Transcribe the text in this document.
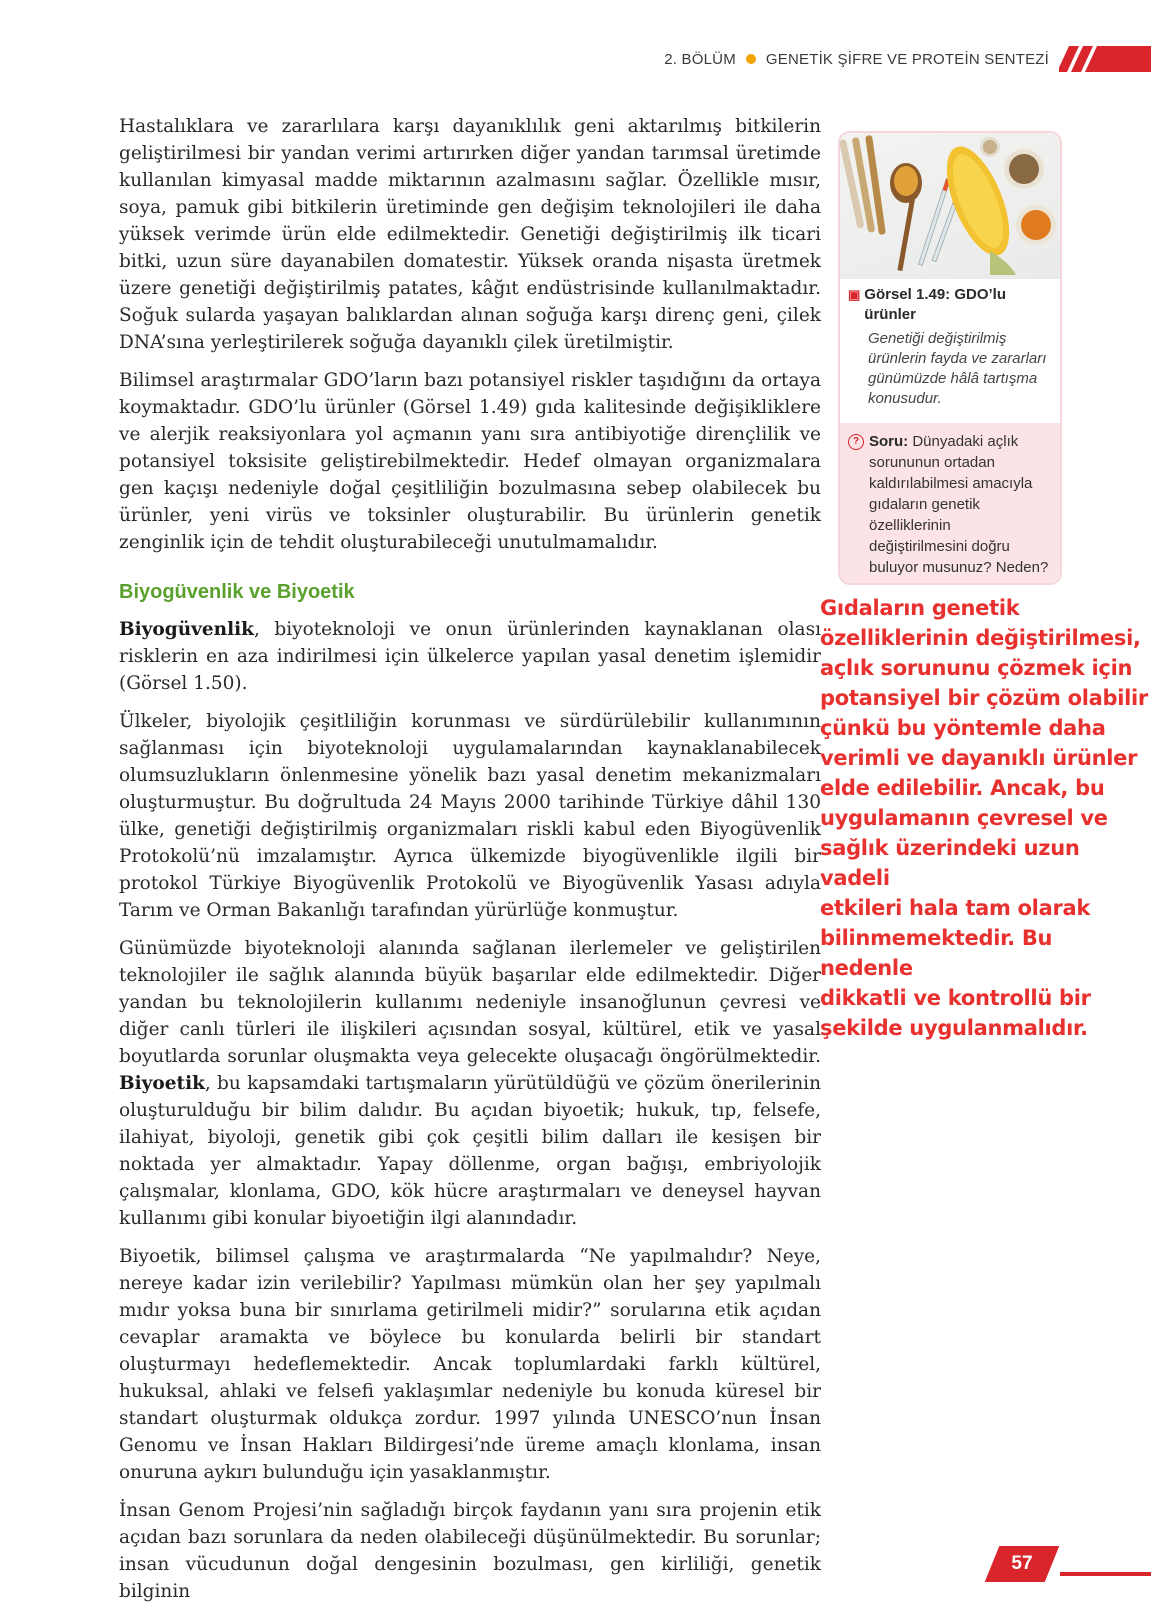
2. BÖLÜM GENETİK ŞİFRE VE PROTEİN SENTEZİ

Hastalıklara ve zararlılara karşı dayanıklılık geni aktarılmış bitkilerin geliştirilmesi bir yandan verimi artırırken diğer yandan tarımsal üretimde kullanılan kimyasal madde miktarının azalmasını sağlar. Özellikle mısır, soya, pamuk gibi bitkilerin üretiminde gen değişim teknolojileri ile daha yüksek verimde ürün elde edilmektedir. Genetiği değiştirilmiş ilk ticari bitki, uzun süre dayanabilen domatestir. Yüksek oranda nişasta üretmek üzere genetiği değiştirilmiş patates, kâğıt endüstrisinde kullanılmaktadır. Soğuk sularda yaşayan balıklardan alınan soğuğa karşı direnç geni, çilek DNA’sına yerleştirilerek soğuğa dayanıklı çilek üretilmiştir.

Bilimsel araştırmalar GDO’ların bazı potansiyel riskler taşıdığını da ortaya koymaktadır. GDO’lu ürünler (Görsel 1.49) gıda kalitesinde değişikliklere ve alerjik reaksiyonlara yol açmanın yanı sıra antibiyotiğe dirençlilik ve potansiyel toksisite geliştirebilmektedir. Hedef olmayan organizmalara gen kaçışı nedeniyle doğal çeşitliliğin bozulmasına sebep olabilecek bu ürünler, yeni virüs ve toksinler oluşturabilir. Bu ürünlerin genetik zenginlik için de tehdit oluşturabileceği unutulmamalıdır.

Biyogüvenlik ve Biyoetik

Biyogüvenlik, biyoteknoloji ve onun ürünlerinden kaynaklanan olası risklerin en aza indirilmesi için ülkelerce yapılan yasal denetim işlemidir (Görsel 1.50).

Ülkeler, biyolojik çeşitliliğin korunması ve sürdürülebilir kullanımının sağlanması için biyoteknoloji uygulamalarından kaynaklanabilecek olumsuzlukların önlenmesine yönelik bazı yasal denetim mekanizmaları oluşturmuştur. Bu doğrultuda 24 Mayıs 2000 tarihinde Türkiye dâhil 130 ülke, genetiği değiştirilmiş organizmaları riskli kabul eden Biyogüvenlik Protokolü’nü imzalamıştır. Ayrıca ülkemizde biyogüvenlikle ilgili bir protokol Türkiye Biyogüvenlik Protokolü ve Biyogüvenlik Yasası adıyla Tarım ve Orman Bakanlığı tarafından yürürlüğe konmuştur.

Günümüzde biyoteknoloji alanında sağlanan ilerlemeler ve geliştirilen teknolojiler ile sağlık alanında büyük başarılar elde edilmektedir. Diğer yandan bu teknolojilerin kullanımı nedeniyle insanoğlunun çevresi ve diğer canlı türleri ile ilişkileri açısından sosyal, kültürel, etik ve yasal boyutlarda sorunlar oluşmakta veya gelecekte oluşacağı öngörülmektedir. Biyoetik, bu kapsamdaki tartışmaların yürütüldüğü ve çözüm önerilerinin oluşturulduğu bir bilim dalıdır. Bu açıdan biyoetik; hukuk, tıp, felsefe, ilahiyat, biyoloji, genetik gibi çok çeşitli bilim dalları ile kesişen bir noktada yer almaktadır. Yapay döllenme, organ bağışı, embriyolojik çalışmalar, klonlama, GDO, kök hücre araştırmaları ve deneysel hayvan kullanımı gibi konular biyoetiğin ilgi alanındadır.

Biyoetik, bilimsel çalışma ve araştırmalarda “Ne yapılmalıdır? Neye, nereye kadar izin verilebilir? Yapılması mümkün olan her şey yapılmalı mıdır yoksa buna bir sınırlama getirilmeli midir?” sorularına etik açıdan cevaplar aramakta ve böylece bu konularda belirli bir standart oluşturmayı hedeflemektedir. Ancak toplumlardaki farklı kültürel, hukuksal, ahlaki ve felsefi yaklaşımlar nedeniyle bu konuda küresel bir standart oluşturmak oldukça zordur. 1997 yılında UNESCO’nun İnsan Genomu ve İnsan Hakları Bildirgesi’nde üreme amaçlı klonlama, insan onuruna aykırı bulunduğu için yasaklanmıştır.

İnsan Genom Projesi’nin sağladığı birçok faydanın yanı sıra projenin etik açıdan bazı sorunlara da neden olabileceği düşünülmektedir. Bu sorunlar; insan vücudunun doğal dengesinin bozulması, gen kirliliği, genetik bilginin

▣ Görsel 1.49: GDO’lu ürünler
Genetiği değiştirilmiş ürünlerin fayda ve zararları günümüzde hâlâ tartışma konusudur.
? Soru: Dünyadaki açlık sorununun ortadan kaldırılabilmesi amacıyla gıdaların genetik özelliklerinin değiştirilmesini doğru buluyor musunuz? Neden?
Gıdaların genetik
özelliklerinin değiştirilmesi,
açlık sorununu çözmek için
potansiyel bir çözüm olabilir
çünkü bu yöntemle daha
verimli ve dayanıklı ürünler
elde edilebilir. Ancak, bu
uygulamanın çevresel ve
sağlık üzerindeki uzun vadeli
etkileri hala tam olarak
bilinmemektedir. Bu nedenle
dikkatli ve kontrollü bir
şekilde uygulanmalıdır.
57
